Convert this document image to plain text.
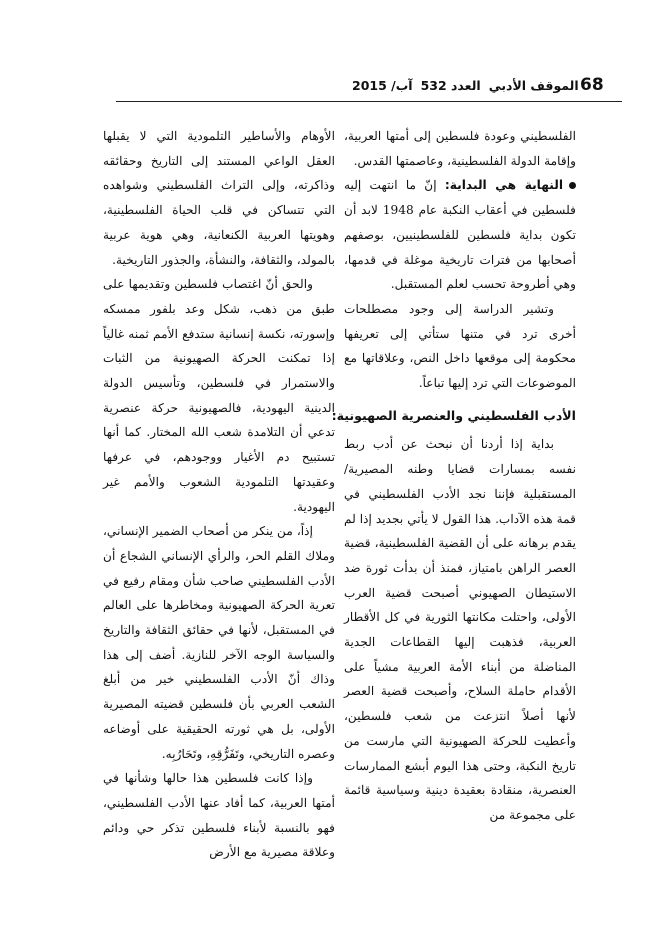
68
الموقف الأدبي
العدد 532
آب/ 2015

الفلسطيني وعودة فلسطين إلى أمتها العربية، وإقامة الدولة الفلسطينية، وعاصمتها القدس.

النهاية هي البداية: إنّ ما انتهت إليه فلسطين في أعقاب النكبة عام 1948 لابد أن تكون بداية فلسطين للفلسطينيين، بوصفهم أصحابها من فترات تاريخية موغلة في قدمها، وهي أطروحة تحسب لعلم المستقبل.

وتشير الدراسة إلى وجود مصطلحات أخرى ترد في متنها ستأتي إلى تعريفها محكومة إلى موقعها داخل النص، وعلاقاتها مع الموضوعات التي ترد إليها تباعاً.

الأدب الفلسطيني والعنصرية الصهيونية:

بداية إذا أردنا أن نبحث عن أدب ربط نفسه بمسارات قضايا وطنه المصيرية/ المستقبلية فإننا نجد الأدب الفلسطيني في قمة هذه الآداب. هذا القول لا يأتي بجديد إذا لم يقدم برهانه على أن القضية الفلسطينية، قضية العصر الراهن بامتياز، فمنذ أن بدأت ثورة ضد الاستيطان الصهيوني أصبحت قضية العرب الأولى، واحتلت مكانتها الثورية في كل الأقطار العربية، فذهبت إليها القطاعات الجدية المناضلة من أبناء الأمة العربية مشياً على الأقدام حاملة السلاح، وأصبحت قضية العصر لأنها أصلاً انتزعت من شعب فلسطين، وأعطيت للحركة الصهيونية التي مارست من تاريخ النكبة، وحتى هذا اليوم أبشع الممارسات العنصرية، منقادة بعقيدة دينية وسياسية قائمة على مجموعة من

الأوهام والأساطير التلمودية التي لا يقبلها العقل الواعي المستند إلى التاريخ وحقائقه وذاكرته، وإلى التراث الفلسطيني وشواهده التي تتساكن في قلب الحياة الفلسطينية، وهويتها العربية الكنعانية، وهي هوية عربية بالمولد، والثقافة، والنشأة، والجذور التاريخية.

والحق أنّ اغتصاب فلسطين وتقديمها على طبق من ذهب، شكل وعد بلفور ممسكه وإسورته، نكسة إنسانية ستدفع الأمم ثمنه غالياً إذا تمكنت الحركة الصهيونية من الثبات والاستمرار في فلسطين، وتأسيس الدولة الدينية اليهودية، فالصهيونية حركة عنصرية تدعي أن التلامدة شعب الله المختار. كما أنها تستبيح دم الأغيار ووجودهم، في عرفها وعقيدتها التلمودية الشعوب والأمم غير اليهودية.

إذاً، من ينكر من أصحاب الضمير الإنساني، وملاك القلم الحر، والرأي الإنساني الشجاع أن الأدب الفلسطيني صاحب شأن ومقام رفيع في تعرية الحركة الصهيونية ومخاطرها على العالم في المستقبل، لأنها في حقائق الثقافة والتاريخ والسياسة الوجه الآخر للنازية. أضف إلى هذا وذاك أنّ الأدب الفلسطيني خير من أبلغ الشعب العربي بأن فلسطين قضيته المصيرية الأولى، بل هي ثورته الحقيقية على أوضاعه وعصره التاريخي، وتَفَرُّقِهِ، وتَحَارُبِه.

وإذا كانت فلسطين هذا حالها وشأنها في أمتها العربية، كما أفاد عنها الأدب الفلسطيني، فهو بالنسبة لأبناء فلسطين تذكر حي ودائم وعلاقة مصيرية مع الأرض
